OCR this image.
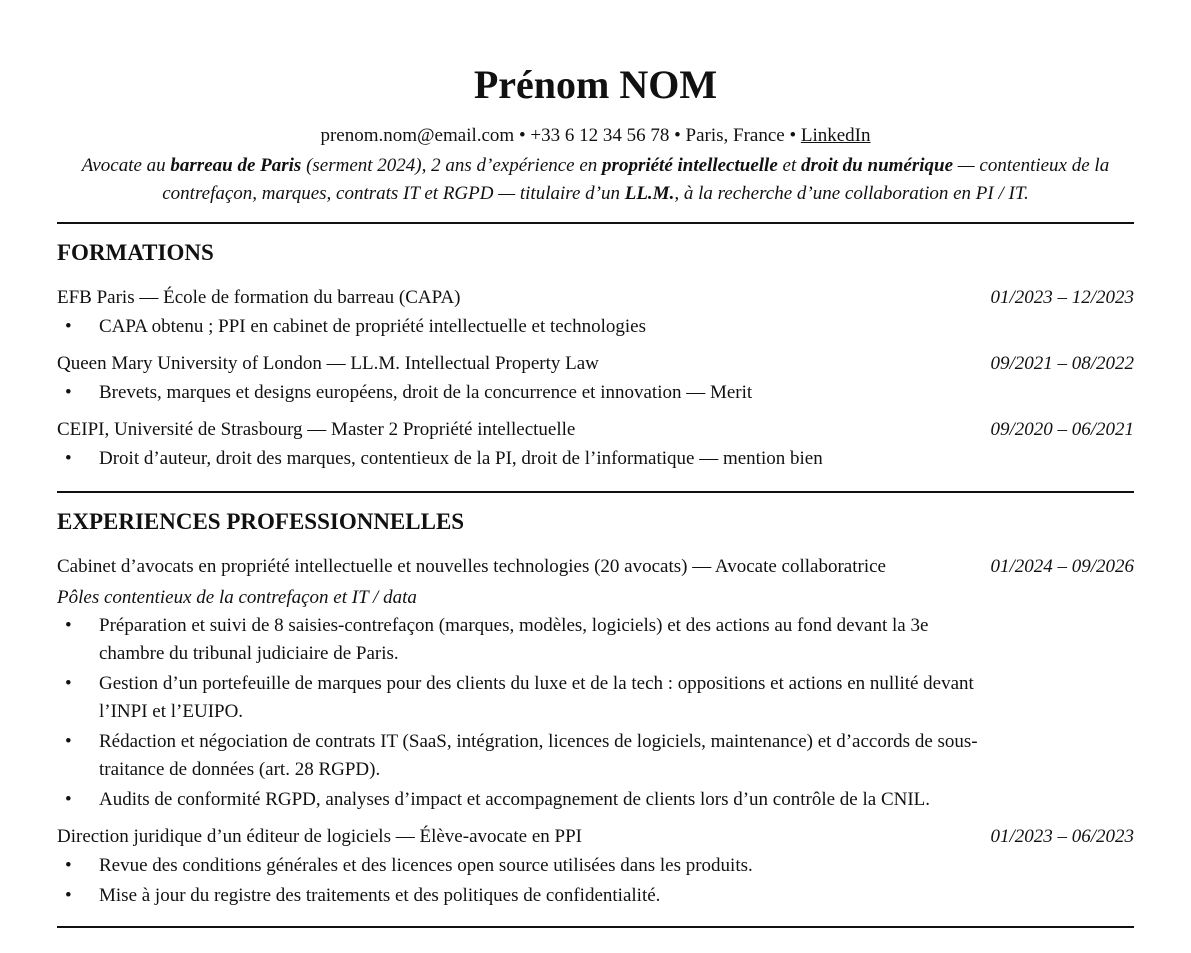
Prénom NOM
prenom.nom@email.com • +33 6 12 34 56 78 • Paris, France • LinkedIn
Avocate au barreau de Paris (serment 2024), 2 ans d’expérience en propriété intellectuelle et droit du numérique — contentieux de la contrefaçon, marques, contrats IT et RGPD — titulaire d’un LL.M., à la recherche d’une collaboration en PI / IT.
FORMATIONS
EFB Paris — École de formation du barreau (CAPA)	01/2023 – 12/2023
• CAPA obtenu ; PPI en cabinet de propriété intellectuelle et technologies
Queen Mary University of London — LL.M. Intellectual Property Law	09/2021 – 08/2022
• Brevets, marques et designs européens, droit de la concurrence et innovation — Merit
CEIPI, Université de Strasbourg — Master 2 Propriété intellectuelle	09/2020 – 06/2021
• Droit d’auteur, droit des marques, contentieux de la PI, droit de l’informatique — mention bien
EXPERIENCES PROFESSIONNELLES
Cabinet d’avocats en propriété intellectuelle et nouvelles technologies (20 avocats) — Avocate collaboratrice	01/2024 – 09/2026
Pôles contentieux de la contrefaçon et IT / data
• Préparation et suivi de 8 saisies-contrefaçon (marques, modèles, logiciels) et des actions au fond devant la 3e chambre du tribunal judiciaire de Paris.
• Gestion d’un portefeuille de marques pour des clients du luxe et de la tech : oppositions et actions en nullité devant l’INPI et l’EUIPO.
• Rédaction et négociation de contrats IT (SaaS, intégration, licences de logiciels, maintenance) et d’accords de sous-traitance de données (art. 28 RGPD).
• Audits de conformité RGPD, analyses d’impact et accompagnement de clients lors d’un contrôle de la CNIL.
Direction juridique d’un éditeur de logiciels — Élève-avocate en PPI	01/2023 – 06/2023
• Revue des conditions générales et des licences open source utilisées dans les produits.
• Mise à jour du registre des traitements et des politiques de confidentialité.
